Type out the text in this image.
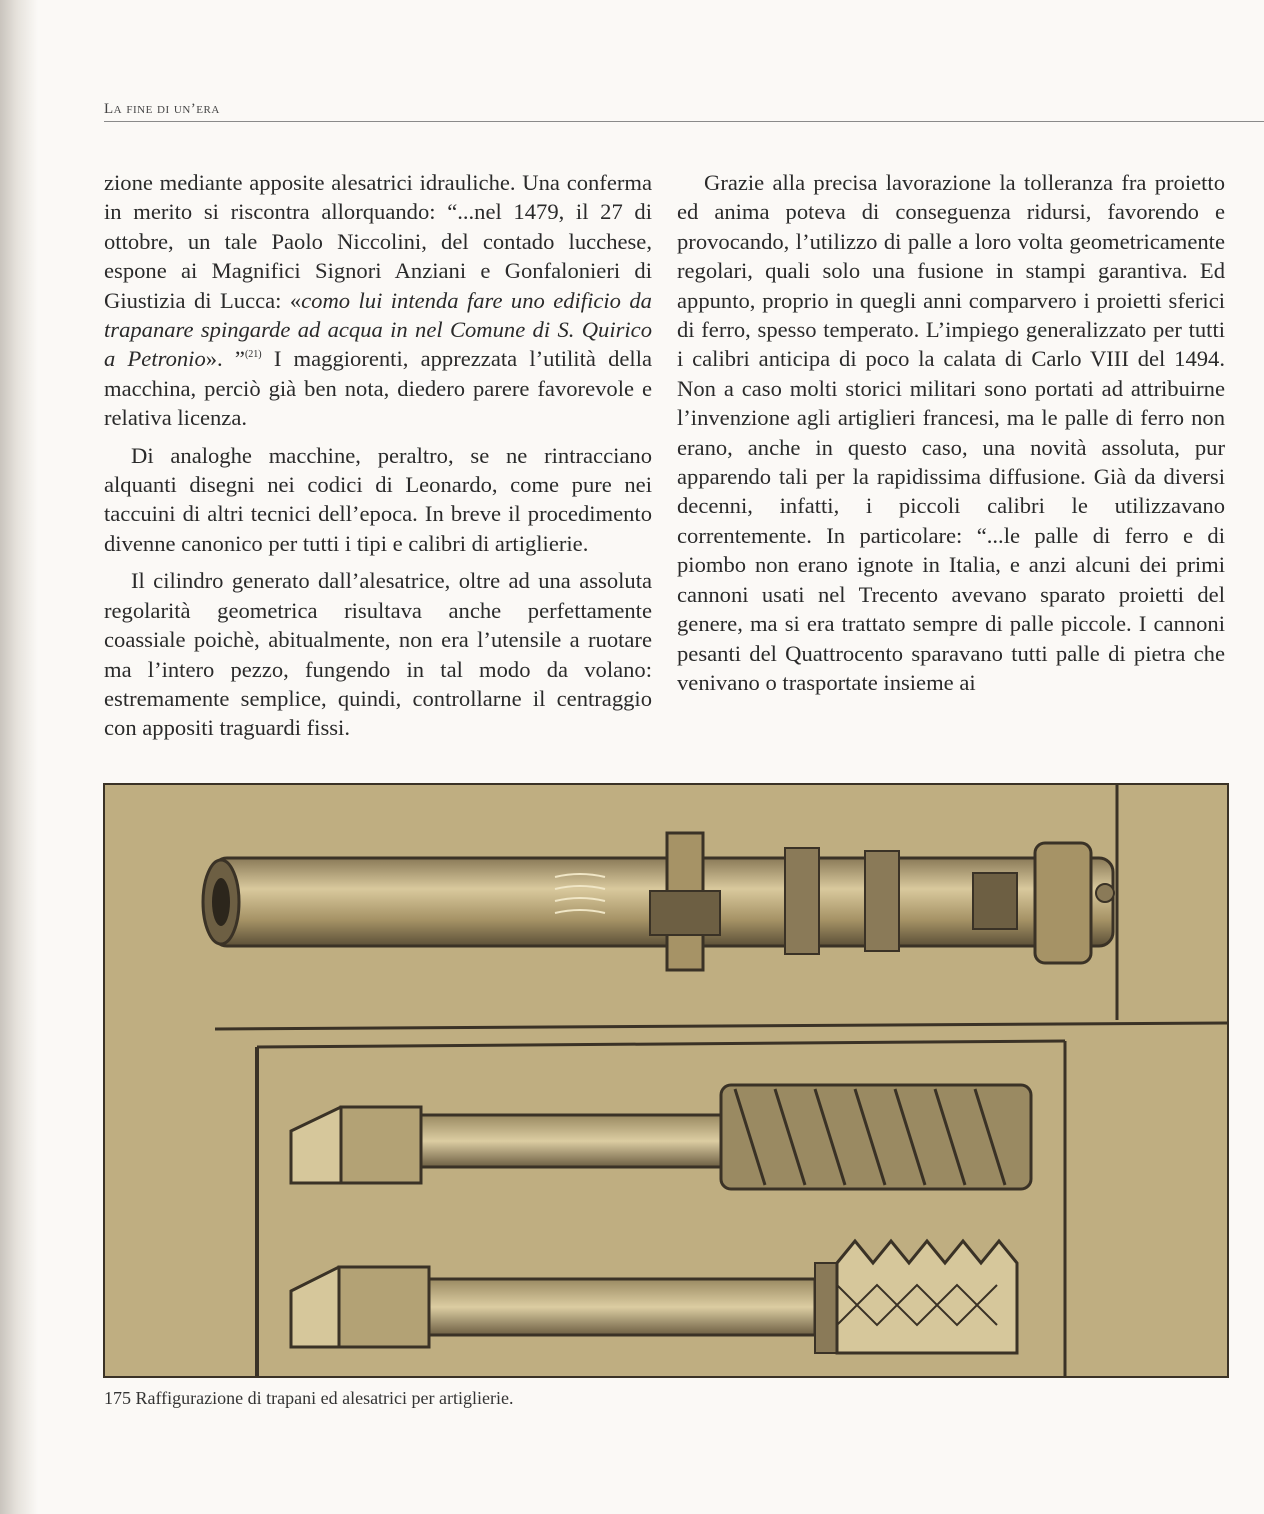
La fine di un’era

zione mediante apposite alesatrici idrauliche. Una conferma in merito si riscontra allorquando: “...nel 1479, il 27 di ottobre, un tale Paolo Niccolini, del contado lucchese, espone ai Magnifici Signori Anziani e Gonfalonieri di Giustizia di Lucca: «como lui intenda fare uno edificio da trapanare spingarde ad acqua in nel Comune di S. Quirico a Petronio». ”$^{(21)}$ I maggiorenti, apprezzata l’utilità della macchina, perciò già ben nota, diedero parere favorevole e relativa licenza.

Di analoghe macchine, peraltro, se ne rintracciano alquanti disegni nei codici di Leonardo, come pure nei taccuini di altri tecnici dell’epoca. In breve il procedimento divenne canonico per tutti i tipi e calibri di artiglierie.

Il cilindro generato dall’alesatrice, oltre ad una assoluta regolarità geometrica risultava anche perfettamente coassiale poichè, abitualmente, non era l’utensile a ruotare ma l’intero pezzo, fungendo in tal modo da volano: estremamente semplice, quindi, controllarne il centraggio con appositi traguardi fissi.

Grazie alla precisa lavorazione la tolleranza fra proietto ed anima poteva di conseguenza ridursi, favorendo e provocando, l’utilizzo di palle a loro volta geometricamente regolari, quali solo una fusione in stampi garantiva. Ed appunto, proprio in quegli anni comparvero i proietti sferici di ferro, spesso temperato. L’impiego generalizzato per tutti i calibri anticipa di poco la calata di Carlo VIII del 1494. Non a caso molti storici militari sono portati ad attribuirne l’invenzione agli artiglieri francesi, ma le palle di ferro non erano, anche in questo caso, una novità assoluta, pur apparendo tali per la rapidissima diffusione. Già da diversi decenni, infatti, i piccoli calibri le utilizzavano correntemente. In particolare: “...le palle di ferro e di piombo non erano ignote in Italia, e anzi alcuni dei primi cannoni usati nel Trecento avevano sparato proietti del genere, ma si era trattato sempre di palle piccole. I cannoni pesanti del Quattrocento sparavano tutti palle di pietra che venivano o trasportate insieme ai

175 Raffigurazione di trapani ed alesatrici per artiglierie.
